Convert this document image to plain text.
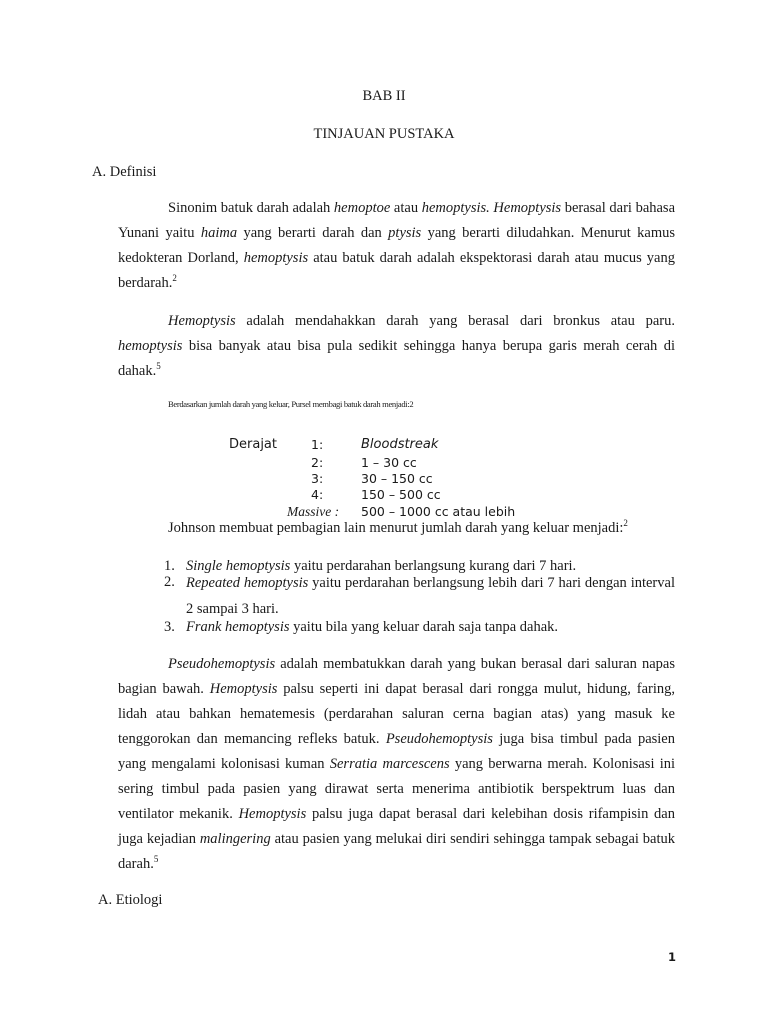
BAB II

TINJAUAN PUSTAKA

A. Definisi

Sinonim batuk darah adalah hemoptoe atau hemoptysis. Hemoptysis berasal dari bahasa Yunani yaitu haima yang berarti darah dan ptysis yang berarti diludahkan. Menurut kamus kedokteran Dorland, hemoptysis atau batuk darah adalah ekspektorasi darah atau mucus yang berdarah.$^2$

Hemoptysis adalah mendahakkan darah yang berasal dari bronkus atau paru. hemoptysis bisa banyak atau bisa pula sedikit sehingga hanya berupa garis merah cerah di dahak.$^5$

Berdasarkan jumlah darah yang keluar, Pursel membagi batuk darah menjadi:2

Derajat	1:	Bloodstreak
2:	1 – 30 cc
3:	30 – 150 cc
4:	150 – 500 cc
Massive : 500 – 1000 cc atau lebih

Johnson membuat pembagian lain menurut jumlah darah yang keluar menjadi:$^2$

1. Single hemoptysis yaitu perdarahan berlangsung kurang dari 7 hari.
2. Repeated hemoptysis yaitu perdarahan berlangsung lebih dari 7 hari dengan interval 2 sampai 3 hari.
3. Frank hemoptysis yaitu bila yang keluar darah saja tanpa dahak.

Pseudohemoptysis adalah membatukkan darah yang bukan berasal dari saluran napas bagian bawah. Hemoptysis palsu seperti ini dapat berasal dari rongga mulut, hidung, faring, lidah atau bahkan hematemesis (perdarahan saluran cerna bagian atas) yang masuk ke tenggorokan dan memancing refleks batuk. Pseudohemoptysis juga bisa timbul pada pasien yang mengalami kolonisasi kuman Serratia marcescens yang berwarna merah. Kolonisasi ini sering timbul pada pasien yang dirawat serta menerima antibiotik berspektrum luas dan ventilator mekanik. Hemoptysis palsu juga dapat berasal dari kelebihan dosis rifampisin dan juga kejadian malingering atau pasien yang melukai diri sendiri sehingga tampak sebagai batuk darah.$^5$

A. Etiologi

1
